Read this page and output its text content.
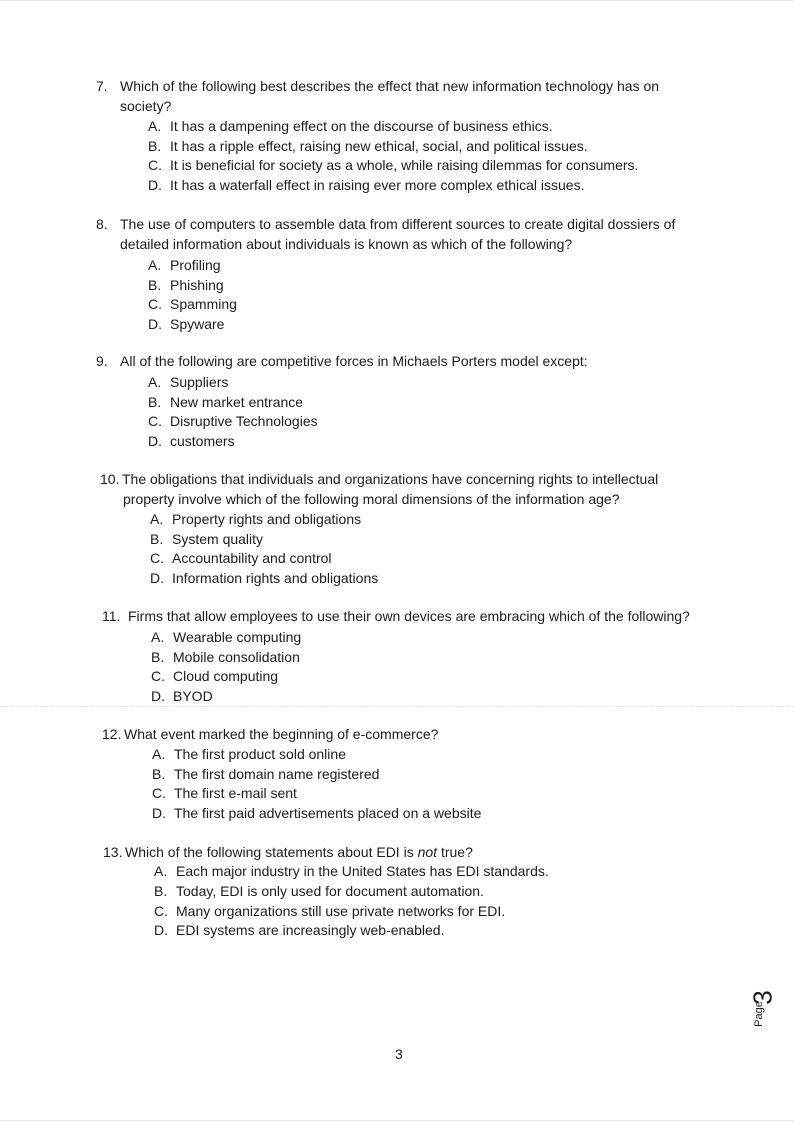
7. Which of the following best describes the effect that new information technology has on
society?
A. It has a dampening effect on the discourse of business ethics.
B. It has a ripple effect, raising new ethical, social, and political issues.
C. It is beneficial for society as a whole, while raising dilemmas for consumers.
D. It has a waterfall effect in raising ever more complex ethical issues.
8. The use of computers to assemble data from different sources to create digital dossiers of
detailed information about individuals is known as which of the following?
A. Profiling
B. Phishing
C. Spamming
D. Spyware
9. All of the following are competitive forces in Michaels Porters model except:
A. Suppliers
B. New market entrance
C. Disruptive Technologies
D. customers
10. The obligations that individuals and organizations have concerning rights to intellectual
property involve which of the following moral dimensions of the information age?
A. Property rights and obligations
B. System quality
C. Accountability and control
D. Information rights and obligations
11. Firms that allow employees to use their own devices are embracing which of the following?
A. Wearable computing
B. Mobile consolidation
C. Cloud computing
D. BYOD
12. What event marked the beginning of e-commerce?
A. The first product sold online
B. The first domain name registered
C. The first e-mail sent
D. The first paid advertisements placed on a website
13. Which of the following statements about EDI is not true?
A. Each major industry in the United States has EDI standards.
B. Today, EDI is only used for document automation.
C. Many organizations still use private networks for EDI.
D. EDI systems are increasingly web-enabled.
3
Page
3
